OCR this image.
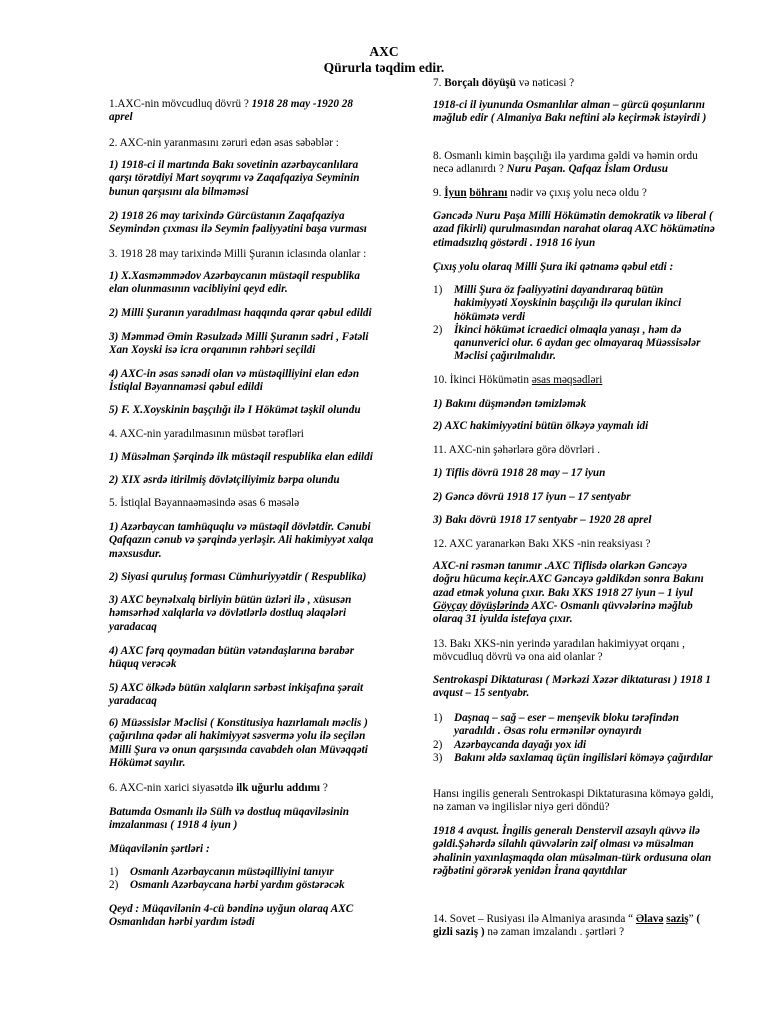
AXC
Qürurla təqdim edir.

1.AXC-nin mövcudluq dövrü ? 1918 28 may -1920 28 aprel

2. AXC-nin yaranmasını zəruri edən əsas səbəblər :

1) 1918-ci il martında Bakı sovetinin azərbaycanlılara qarşı törətdiyi Mart soyqrımı və Zaqafqaziya Seyminin bunun qarşısını ala bilməməsi

2) 1918 26 may tarixində Gürcüstanın Zaqafqaziya Seymindən çıxması ilə Seymin fəaliyyətini başa vurması

3. 1918 28 may tarixində Milli Şuranın iclasında olanlar :

1) X.Xasməmmədov Azərbaycanın müstəqil respublika elan olunmasının vacibliyini qeyd edir.

2) Milli Şuranın yaradılması haqqında qərar qəbul edildi

3) Məmməd Əmin Rəsulzadə Milli Şuranın sədri , Fətəli Xan Xoyski isə icra orqanının rəhbəri seçildi

4) AXC-in əsas sənədi olan və müstəqilliyini elan edən İstiqlal Bəyannaməsi qəbul edildi

5) F. X.Xoyskinin başçılığı ilə I Hökümət təşkil olundu

4. AXC-nin yaradılmasının müsbət tərəfləri

1) Müsəlman Şərqində ilk müstəqil respublika elan edildi

2) XIX əsrdə itirilmiş dövlətçiliyimiz bərpa olundu

5. İstiqlal Bəyannaəməsində əsas 6 məsələ

1) Azərbaycan tamhüquqlu və müstəqil dövlətdir. Cənubi Qafqazın cənub və şərqində yerləşir. Ali hakimiyyət xalqa məxsusdur.

2) Siyasi quruluş forması Cümhuriyyətdir ( Respublika)

3) AXC beynəlxalq birliyin bütün üzləri ilə , xüsusən həmsərhəd xalqlarla və dövlətlərlə dostluq əlaqələri yaradacaq

4) AXC fərq qoymadan bütün vətəndaşlarına bərabər hüquq verəcək

5) AXC ölkədə bütün xalqların sərbəst inkişafına şərait yaradacaq

6) Müəssislər Məclisi ( Konstitusiya hazırlamalı məclis ) çağırılına qədər ali hakimiyyət səsvermə yolu ilə seçilən Milli Şura və onun qarşısında cavabdeh olan Müvəqqəti Hökümət sayılır.

6. AXC-nin xarici siyasətdə ilk uğurlu addımı ?

Batumda Osmanlı ilə Sülh və dostluq müqaviləsinin imzalanması ( 1918 4 iyun )

Müqavilənin şərtləri :

1) Osmanlı Azərbaycanın müstəqilliyini tanıyır
2) Osmanlı Azərbaycana hərbi yardım göstərəcək

Qeyd : Müqavilənin 4-cü bəndinə uyğun olaraq AXC Osmanlıdan hərbi yardım istədi

7. Borçalı döyüşü və nəticəsi ?

1918-ci il iyununda Osmanlılar alman – gürcü qoşunlarını məğlub edir ( Almaniya Bakı neftini ələ keçirmək istəyirdi )

8. Osmanlı kimin başçılığı ilə yardıma gəldi və həmin ordu necə adlanırdı ? Nuru Paşan. Qafqaz İslam Ordusu

9. İyun böhranı nədir və çıxış yolu necə oldu ?

Gəncədə Nuru Paşa Milli Hökümətin demokratik və liberal ( azad fikirli) qurulmasından narahat olaraq AXC hökümətinə etimadsızlıq göstərdi . 1918 16 iyun

Çıxış yolu olaraq Milli Şura iki qətnamə qəbul etdi :

1) Milli Şura öz fəaliyyətini dayandıraraq bütün hakimiyyəti Xoyskinin başçılığı ilə qurulan ikinci hökümətə verdi
2) İkinci hökümət icraedici olmaqla yanaşı , həm də qanunverici olur. 6 aydan gec olmayaraq Müəssisələr Məclisi çağırılmalıdır.

10. İkinci Hökümətin əsas məqsədləri

1) Bakını düşməndən təmizləmək

2) AXC hakimiyyətini bütün ölkəyə yaymalı idi

11. AXC-nin şəhərlərə görə dövrləri .

1) Tiflis dövrü 1918 28 may – 17 iyun

2) Gəncə dövrü 1918 17 iyun – 17 sentyabr

3) Bakı dövrü 1918 17 sentyabr – 1920 28 aprel

12. AXC yaranarkən Bakı XKS -nin reaksiyası ?

AXC-ni rəsmən tanımır .AXC Tiflisdə olarkən Gəncəyə doğru hücuma keçir.AXC Gəncəyə gəldikdən sonra Bakını azad etmək yoluna çıxır. Bakı XKS 1918 27 iyun – 1 iyul Göyçay döyüşlərində AXC- Osmanlı qüvvələrinə məğlub olaraq 31 iyulda istefaya çıxır.

13. Bakı XKS-nin yerində yaradılan hakimiyyət orqanı , mövcudluq dövrü və ona aid olanlar ?

Sentrokaspi Diktaturası ( Mərkəzi Xəzər diktaturası ) 1918 1 avqust – 15 sentyabr.

1) Daşnaq – sağ – eser – menşevik bloku tərəfindən yaradıldı . Əsas rolu ermənilər oynayırdı
2) Azərbaycanda dayağı yox idi
3) Bakını əldə saxlamaq üçün ingilisləri köməyə çağırdılar

Hansı ingilis generalı Sentrokaspi Diktaturasına köməyə gəldi, nə zaman və ingilislər niyə geri döndü?

1918 4 avqust. İngilis generalı Denstervil azsaylı qüvvə ilə gəldi.Şəhərdə silahlı qüvvələrin zəif olması və müsəlman əhalinin yaxınlaşmaqda olan müsəlman-türk ordusuna olan rəğbətini görərək yenidən İrana qayıtdılar

14. Sovet – Rusiyası ilə Almaniya arasında “ Əlavə saziş” ( gizli saziş ) nə zaman imzalandı . şərtləri ?
